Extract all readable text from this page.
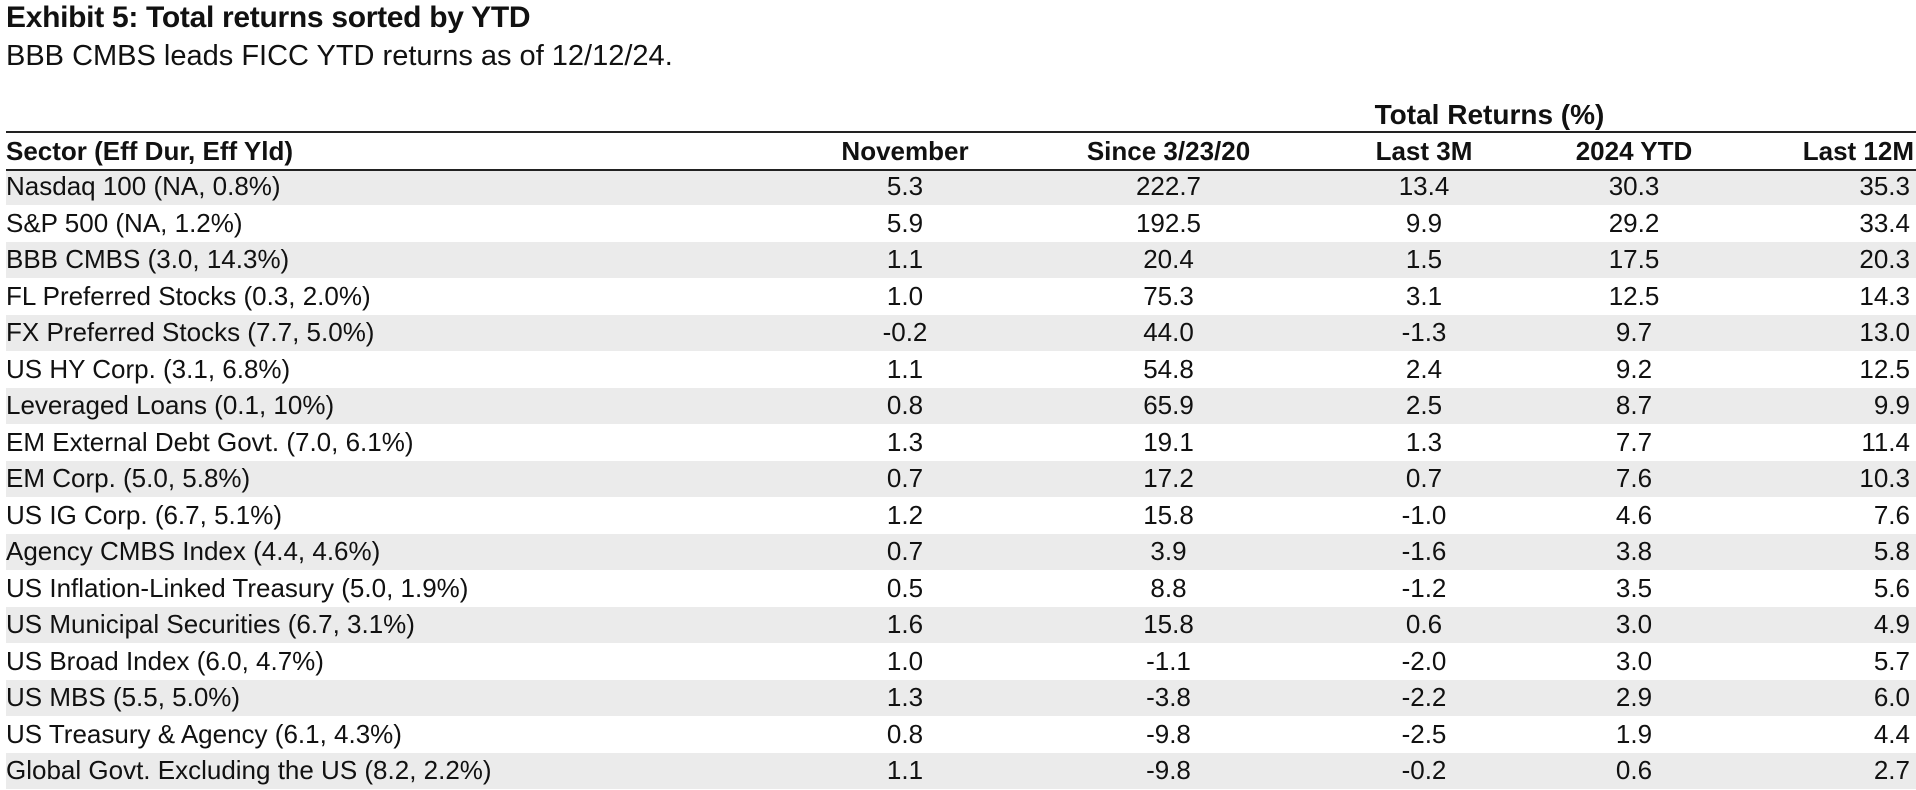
Exhibit 5: Total returns sorted by YTD
BBB CMBS leads FICC YTD returns as of 12/12/24.
Total Returns (%)
Sector (Eff Dur, Eff Yld)	November	Since 3/23/20	Last 3M	2024 YTD	Last 12M
Nasdaq 100 (NA, 0.8%)	5.3	222.7	13.4	30.3	35.3
S&P 500 (NA, 1.2%)	5.9	192.5	9.9	29.2	33.4
BBB CMBS (3.0, 14.3%)	1.1	20.4	1.5	17.5	20.3
FL Preferred Stocks (0.3, 2.0%)	1.0	75.3	3.1	12.5	14.3
FX Preferred Stocks (7.7, 5.0%)	-0.2	44.0	-1.3	9.7	13.0
US HY Corp. (3.1, 6.8%)	1.1	54.8	2.4	9.2	12.5
Leveraged Loans (0.1, 10%)	0.8	65.9	2.5	8.7	9.9
EM External Debt Govt. (7.0, 6.1%)	1.3	19.1	1.3	7.7	11.4
EM Corp. (5.0, 5.8%)	0.7	17.2	0.7	7.6	10.3
US IG Corp. (6.7, 5.1%)	1.2	15.8	-1.0	4.6	7.6
Agency CMBS Index (4.4, 4.6%)	0.7	3.9	-1.6	3.8	5.8
US Inflation-Linked Treasury (5.0, 1.9%)	0.5	8.8	-1.2	3.5	5.6
US Municipal Securities (6.7, 3.1%)	1.6	15.8	0.6	3.0	4.9
US Broad Index (6.0, 4.7%)	1.0	-1.1	-2.0	3.0	5.7
US MBS (5.5, 5.0%)	1.3	-3.8	-2.2	2.9	6.0
US Treasury & Agency (6.1, 4.3%)	0.8	-9.8	-2.5	1.9	4.4
Global Govt. Excluding the US (8.2, 2.2%)	1.1	-9.8	-0.2	0.6	2.7
